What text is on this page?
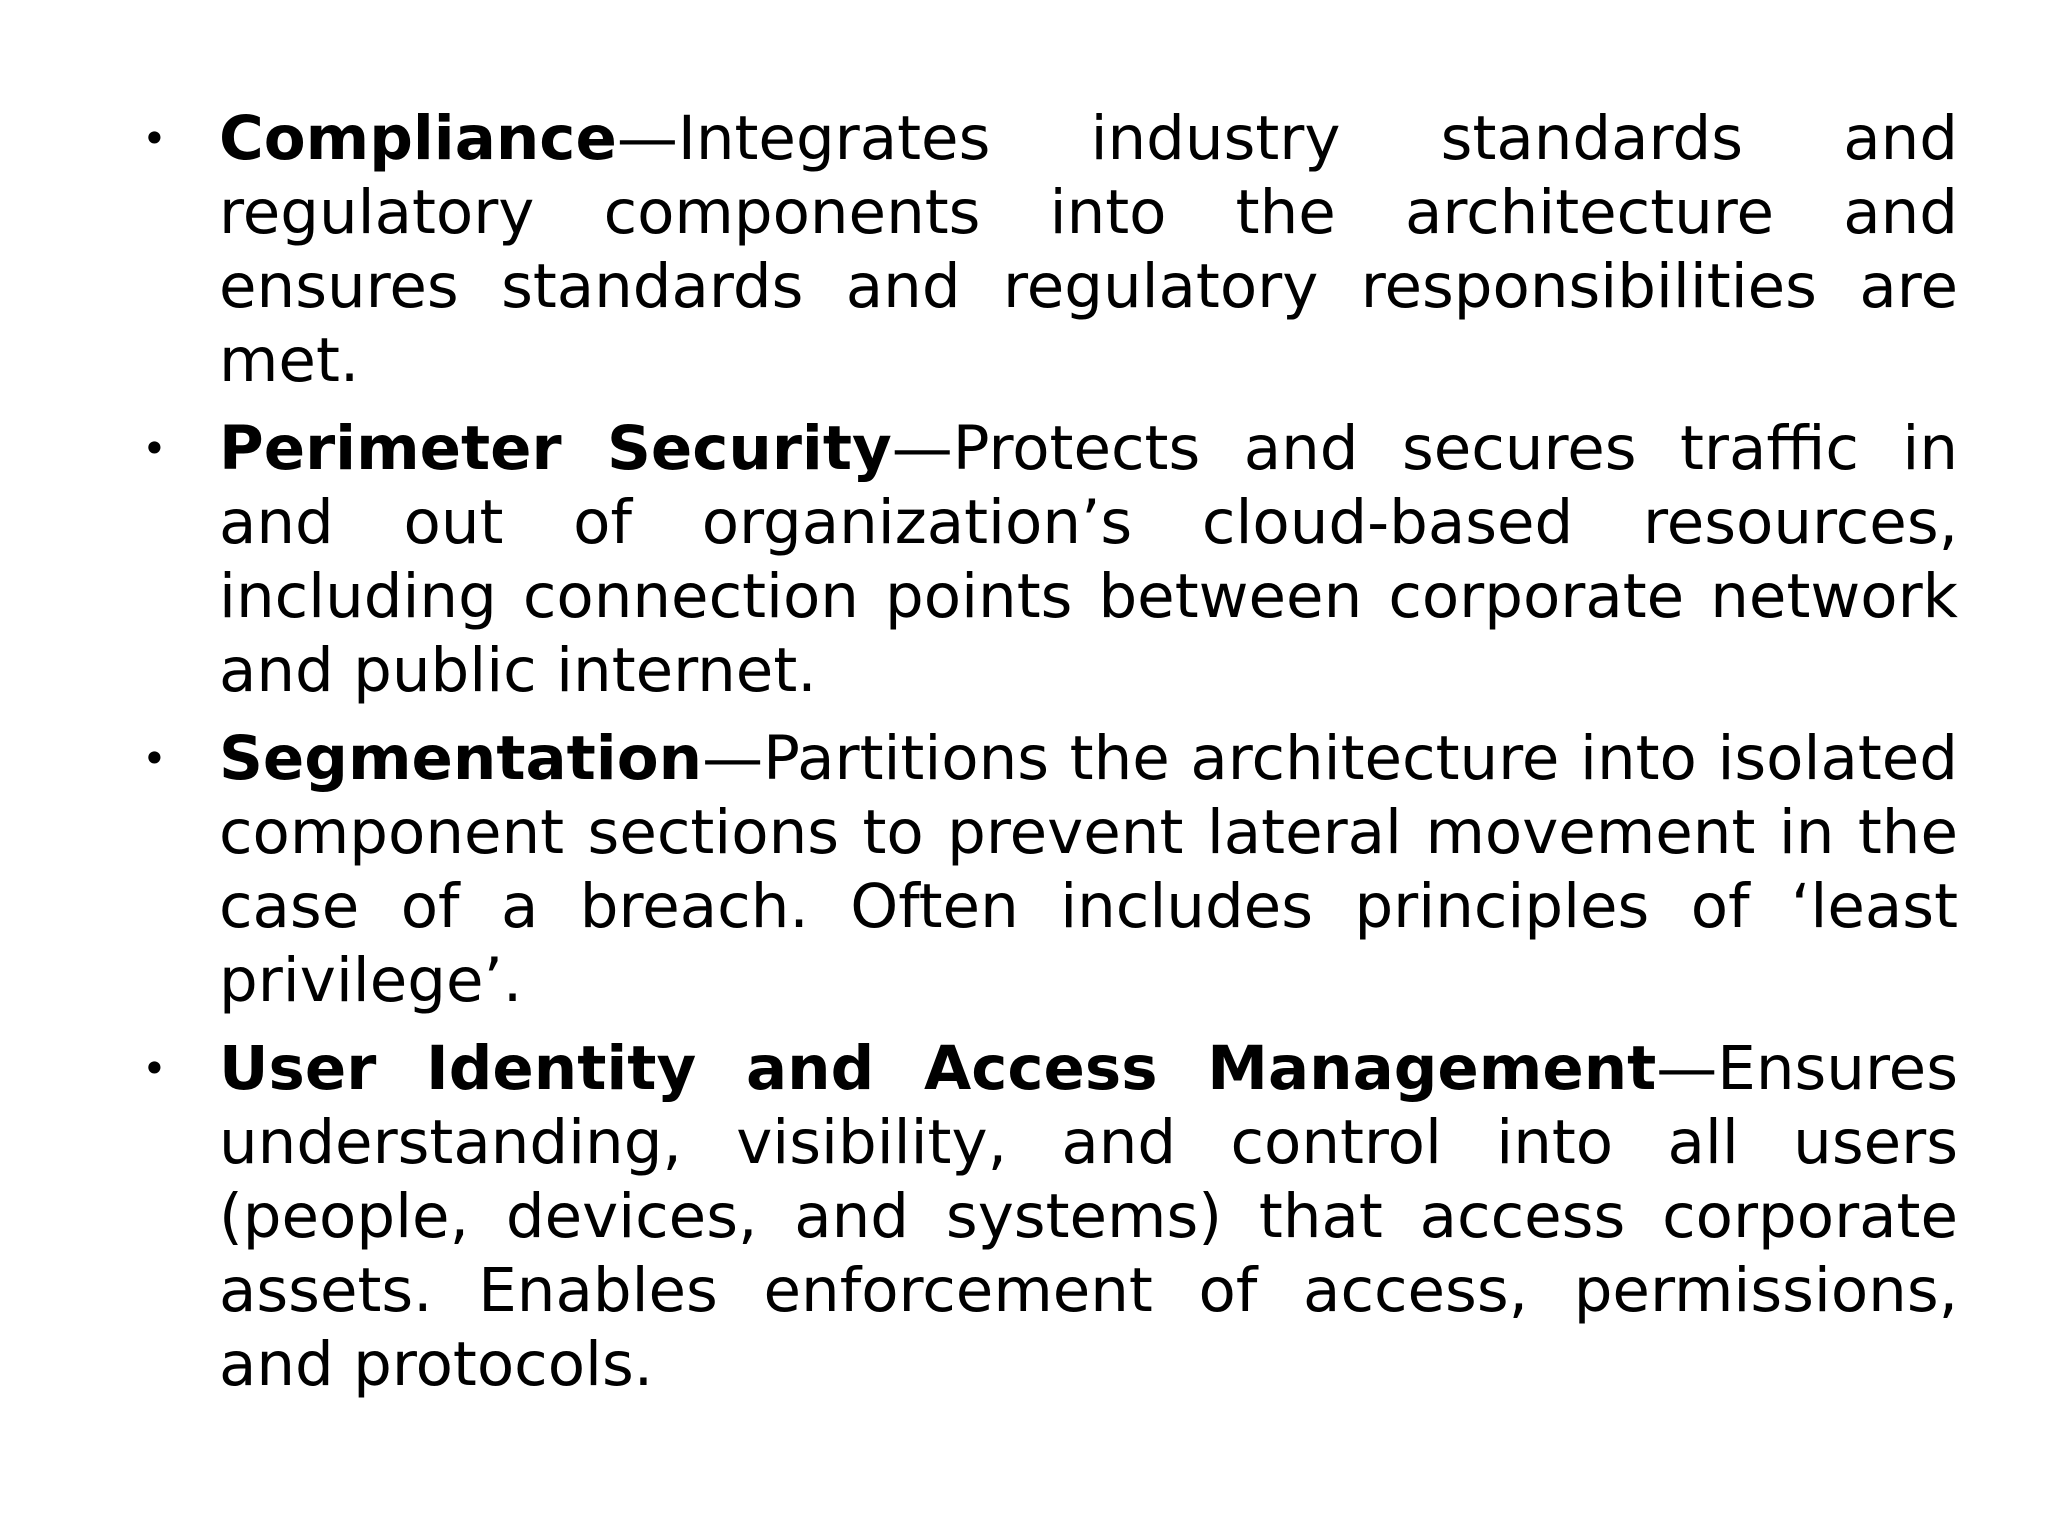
• Compliance—Integrates industry standards and regulatory components into the architecture and ensures standards and regulatory responsibilities are met.
• Perimeter Security—Protects and secures traffic in and out of organization’s cloud-based resources, including connection points between corporate network and public internet.
• Segmentation—Partitions the architecture into isolated component sections to prevent lateral movement in the case of a breach. Often includes principles of ‘least privilege’.
• User Identity and Access Management—Ensures understanding, visibility, and control into all users (people, devices, and systems) that access corporate assets. Enables enforcement of access, permissions, and protocols.
